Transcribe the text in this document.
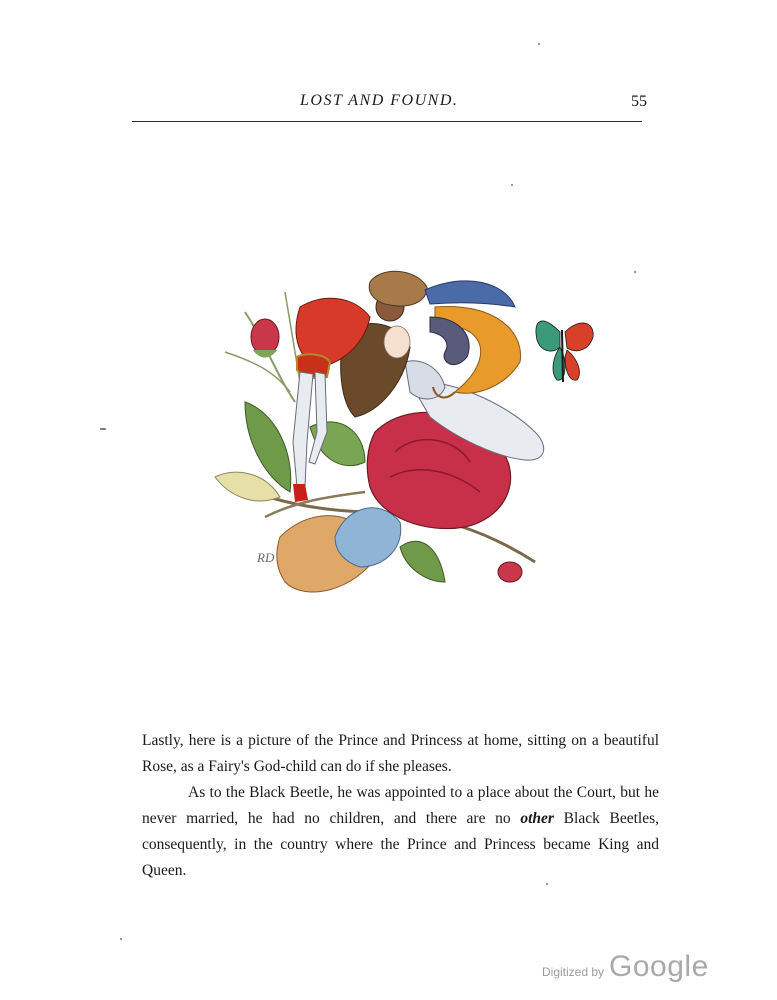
LOST AND FOUND.	55
RD

Lastly, here is a picture of the Prince and Princess at home, sitting on a beautiful Rose, as a Fairy's God-child can do if she pleases.

As to the Black Beetle, he was appointed to a place about the Court, but he never married, he had no children, and there are no other Black Beetles, consequently, in the country where the Prince and Princess became King and Queen.

Digitized by Google
